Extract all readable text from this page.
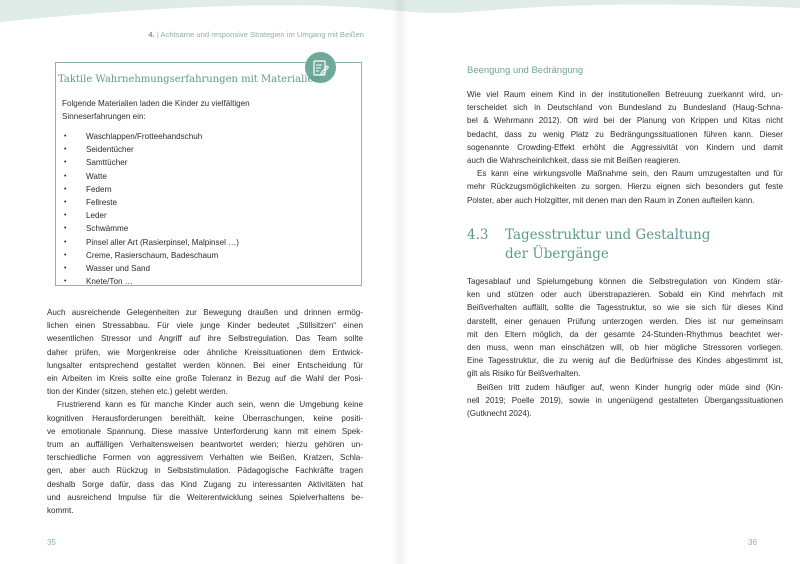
4. | Achtsame und responsive Strategien im Umgang mit Beißen
Taktile Wahrnehmungserfahrungen mit Materialien
Folgende Materialien laden die Kinder zu vielfältigen
Sinneserfahrungen ein:
• Waschlappen/Frotteehandschuh
• Seidentücher
• Samttücher
• Watte
• Federn
• Fellreste
• Leder
• Schwämme
• Pinsel aller Art (Rasierpinsel, Malpinsel …)
• Creme, Rasierschaum, Badeschaum
• Wasser und Sand
• Knete/Ton …
Auch ausreichende Gelegenheiten zur Bewegung draußen und drinnen ermög-
lichen einen Stressabbau. Für viele junge Kinder bedeutet „Stillsitzen“ einen
wesentlichen Stressor und Angriff auf ihre Selbstregulation. Das Team sollte
daher prüfen, wie Morgenkreise oder ähnliche Kreissituationen dem Entwick-
lungsalter entsprechend gestaltet werden können. Bei einer Entscheidung für
ein Arbeiten im Kreis sollte eine große Toleranz in Bezug auf die Wahl der Posi-
tion der Kinder (sitzen, stehen etc.) gelebt werden.
Frustrierend kann es für manche Kinder auch sein, wenn die Umgebung keine
kognitiven Herausforderungen bereithält, keine Überraschungen, keine positi-
ve emotionale Spannung. Diese massive Unterforderung kann mit einem Spek-
trum an auffälligen Verhaltensweisen beantwortet werden; hierzu gehören un-
terschiedliche Formen von aggressivem Verhalten wie Beißen, Kratzen, Schla-
gen, aber auch Rückzug in Selbststimulation. Pädagogische Fachkräfte tragen
deshalb Sorge dafür, dass das Kind Zugang zu interessanten Aktivitäten hat
und ausreichend Impulse für die Weiterentwicklung seines Spielverhaltens be-
kommt.
35
Beengung und Bedrängung
Wie viel Raum einem Kind in der institutionellen Betreuung zuerkannt wird, un-
terscheidet sich in Deutschland von Bundesland zu Bundesland (Haug-Schna-
bel & Wehrmann 2012). Oft wird bei der Planung von Krippen und Kitas nicht
bedacht, dass zu wenig Platz zu Bedrängungssituationen führen kann. Dieser
sogenannte Crowding-Effekt erhöht die Aggressivität von Kindern und damit
auch die Wahrscheinlichkeit, dass sie mit Beißen reagieren.
Es kann eine wirkungsvolle Maßnahme sein, den Raum umzugestalten und für
mehr Rückzugsmöglichkeiten zu sorgen. Hierzu eignen sich besonders gut feste
Polster, aber auch Holzgitter, mit denen man den Raum in Zonen aufteilen kann.
4.3 Tagesstruktur und Gestaltung
der Übergänge
Tagesablauf und Spielumgebung können die Selbstregulation von Kindern stär-
ken und stützen oder auch überstrapazieren. Sobald ein Kind mehrfach mit
Beißverhalten auffällt, sollte die Tagesstruktur, so wie sie sich für dieses Kind
darstellt, einer genauen Prüfung unterzogen werden. Dies ist nur gemeinsam
mit den Eltern möglich, da der gesamte 24-Stunden-Rhythmus beachtet wer-
den muss, wenn man einschätzen will, ob hier mögliche Stressoren vorliegen.
Eine Tagesstruktur, die zu wenig auf die Bedürfnisse des Kindes abgestimmt ist,
gilt als Risiko für Beißverhalten.
Beißen tritt zudem häufiger auf, wenn Kinder hungrig oder müde sind (Kin-
nell 2019; Poelle 2019), sowie in ungenügend gestalteten Übergangssituationen
(Gutknecht 2024).
36
